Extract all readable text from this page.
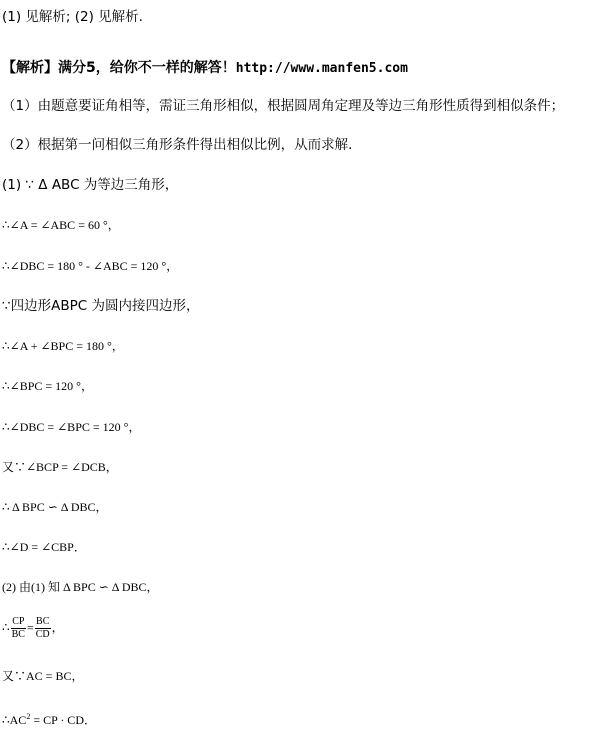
(1) 见解析; (2) 见解析.
【解析】满分5，给你不一样的解答！http://www.manfen5.com
（1）由题意要证角相等，需证三角形相似，根据圆周角定理及等边三角形性质得到相似条件；
（2）根据第一问相似三角形条件得出相似比例，从而求解．
(1) ∵ Δ ABC 为等边三角形，
∴∠A = ∠ABC = 60 °，
∴∠DBC = 180 ° - ∠ABC = 120 °，
∵四边形ABPC 为圆内接四边形，
∴∠A + ∠BPC = 180 °，
∴∠BPC = 120 °，
∴∠DBC = ∠BPC = 120 °，
又∵∠BCP = ∠DCB，
∴ Δ BPC ∽ Δ DBC，
∴∠D = ∠CBP．
(2) 由(1) 知 Δ BPC ∽ Δ DBC，
∴ $\frac{CP}{BC} = \frac{BC}{CD}$ ，
又∵AC = BC，
$\therefore AC^2$ = CP · CD．
